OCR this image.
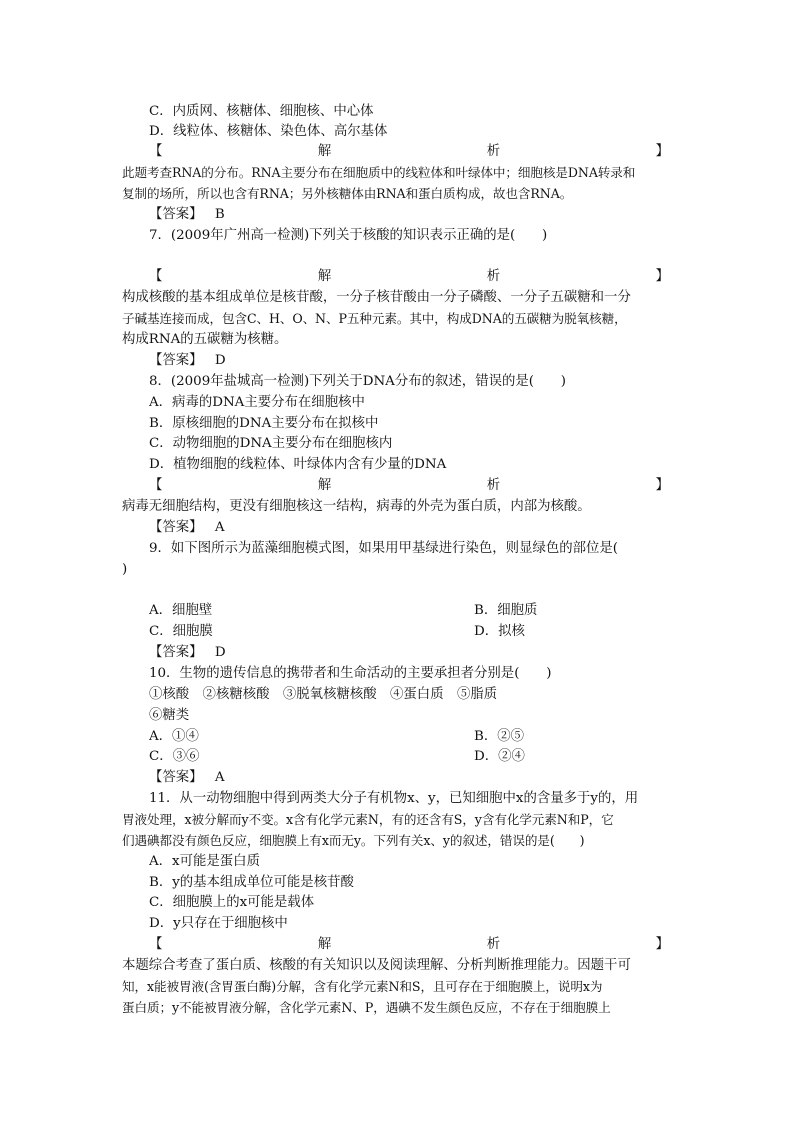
C．内质网、核糖体、细胞核、中心体
D．线粒体、核糖体、染色体、高尔基体
【	解	析	】
此题考查RNA的分布。RNA主要分布在细胞质中的线粒体和叶绿体中；细胞核是DNA转录和
复制的场所，所以也含有RNA；另外核糖体由RNA和蛋白质构成，故也含RNA。
【答案】 B
7．(2009年广州高一检测)下列关于核酸的知识表示正确的是(　　)
【	解	析	】
构成核酸的基本组成单位是核苷酸，一分子核苷酸由一分子磷酸、一分子五碳糖和一分
子碱基连接而成，包含C、H、O、N、P五种元素。其中，构成DNA的五碳糖为脱氧核糖，
构成RNA的五碳糖为核糖。
【答案】 D
8．(2009年盐城高一检测)下列关于DNA分布的叙述，错误的是(　　)
A．病毒的DNA主要分布在细胞核中
B．原核细胞的DNA主要分布在拟核中
C．动物细胞的DNA主要分布在细胞核内
D．植物细胞的线粒体、叶绿体内含有少量的DNA
【	解	析	】
病毒无细胞结构，更没有细胞核这一结构，病毒的外壳为蛋白质，内部为核酸。
【答案】 A
9．如下图所示为蓝藻细胞模式图，如果用甲基绿进行染色，则显绿色的部位是(
)
A．细胞壁	B．细胞质
C．细胞膜	D．拟核
【答案】 D
10．生物的遗传信息的携带者和生命活动的主要承担者分别是(　　)
①核酸　②核糖核酸　③脱氧核糖核酸　④蛋白质　⑤脂质
⑥糖类
A．①④	B．②⑤
C．③⑥	D．②④
【答案】 A
11．从一动物细胞中得到两类大分子有机物x、y，已知细胞中x的含量多于y的，用
胃液处理，x被分解而y不变。x含有化学元素N，有的还含有S，y含有化学元素N和P，它
们遇碘都没有颜色反应，细胞膜上有x而无y。下列有关x、y的叙述，错误的是(　　)
A．x可能是蛋白质
B．y的基本组成单位可能是核苷酸
C．细胞膜上的x可能是载体
D．y只存在于细胞核中
【	解	析	】
本题综合考查了蛋白质、核酸的有关知识以及阅读理解、分析判断推理能力。因题干可
知，x能被胃液(含胃蛋白酶)分解，含有化学元素N和S，且可存在于细胞膜上，说明x为
蛋白质；y不能被胃液分解，含化学元素N、P，遇碘不发生颜色反应，不存在于细胞膜上
